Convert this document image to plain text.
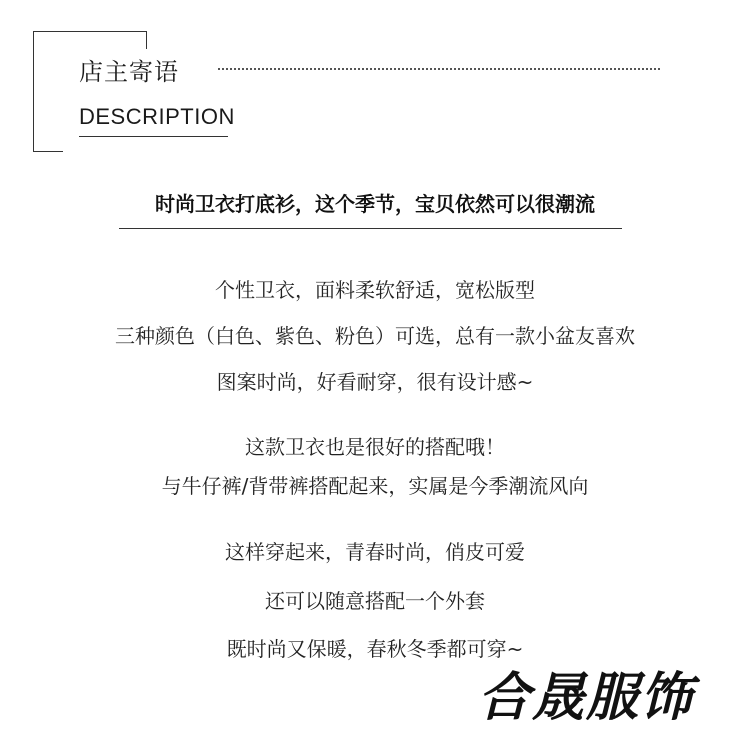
店主寄语
DESCRIPTION
时尚卫衣打底衫，这个季节，宝贝依然可以很潮流
个性卫衣，面料柔软舒适，宽松版型
三种颜色（白色、紫色、粉色）可选，总有一款小盆友喜欢
图案时尚，好看耐穿，很有设计感~
这款卫衣也是很好的搭配哦！
与牛仔裤/背带裤搭配起来，实属是今季潮流风向
这样穿起来，青春时尚，俏皮可爱
还可以随意搭配一个外套
既时尚又保暖，春秋冬季都可穿~
合晟服饰
